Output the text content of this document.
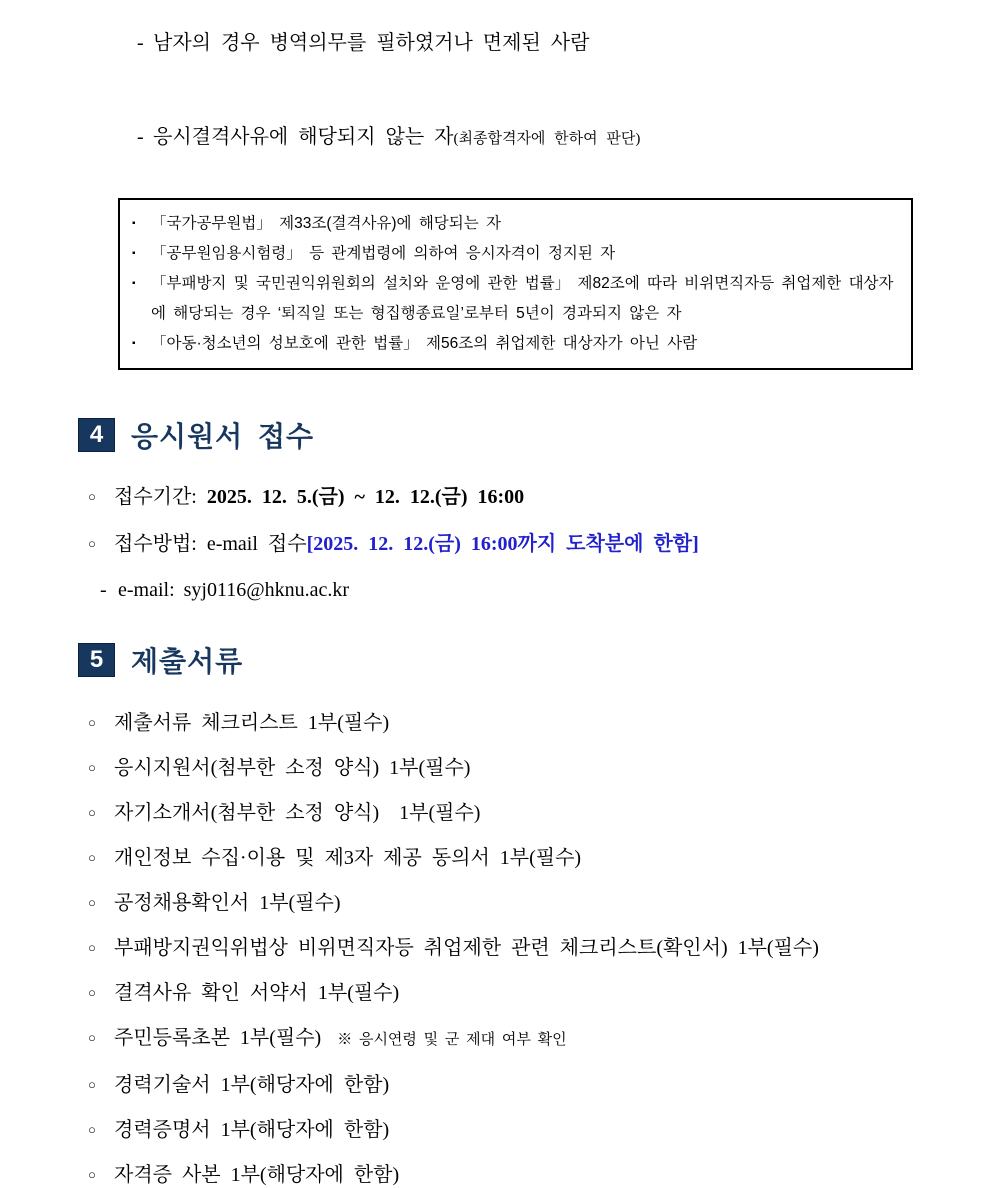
- 남자의 경우 병역의무를 필하였거나 면제된 사람

- 응시결격사유에 해당되지 않는 자(최종합격자에 한하여 판단)

▪ 「국가공무원법」 제33조(결격사유)에 해당되는 자
▪ 「공무원임용시험령」 등 관계법령에 의하여 응시자격이 정지된 자
▪ 「부패방지 및 국민권익위원회의 설치와 운영에 관한 법률」 제82조에 따라 비위면직자등 취업제한 대상자에 해당되는 경우 ‘퇴직일 또는 형집행종료일’로부터 5년이 경과되지 않은 자
▪ 「아동·청소년의 성보호에 관한 법률」 제56조의 취업제한 대상자가 아닌 사람
4 응시원서 접수
○ 접수기간: 2025. 12. 5.(금) ~ 12. 12.(금) 16:00
○ 접수방법: e-mail 접수[2025. 12. 12.(금) 16:00까지 도착분에 한함]
- e-mail: syj0116@hknu.ac.kr
5 제출서류
○ 제출서류 체크리스트 1부(필수)
○ 응시지원서(첨부한 소정 양식) 1부(필수)
○ 자기소개서(첨부한 소정 양식)  1부(필수)
○ 개인정보 수집·이용 및 제3자 제공 동의서 1부(필수)
○ 공정채용확인서 1부(필수)
○ 부패방지권익위법상 비위면직자등 취업제한 관련 체크리스트(확인서) 1부(필수)
○ 결격사유 확인 서약서 1부(필수)
○ 주민등록초본 1부(필수) ※ 응시연령 및 군 제대 여부 확인
○ 경력기술서 1부(해당자에 한함)
○ 경력증명서 1부(해당자에 한함)
○ 자격증 사본 1부(해당자에 한함)
